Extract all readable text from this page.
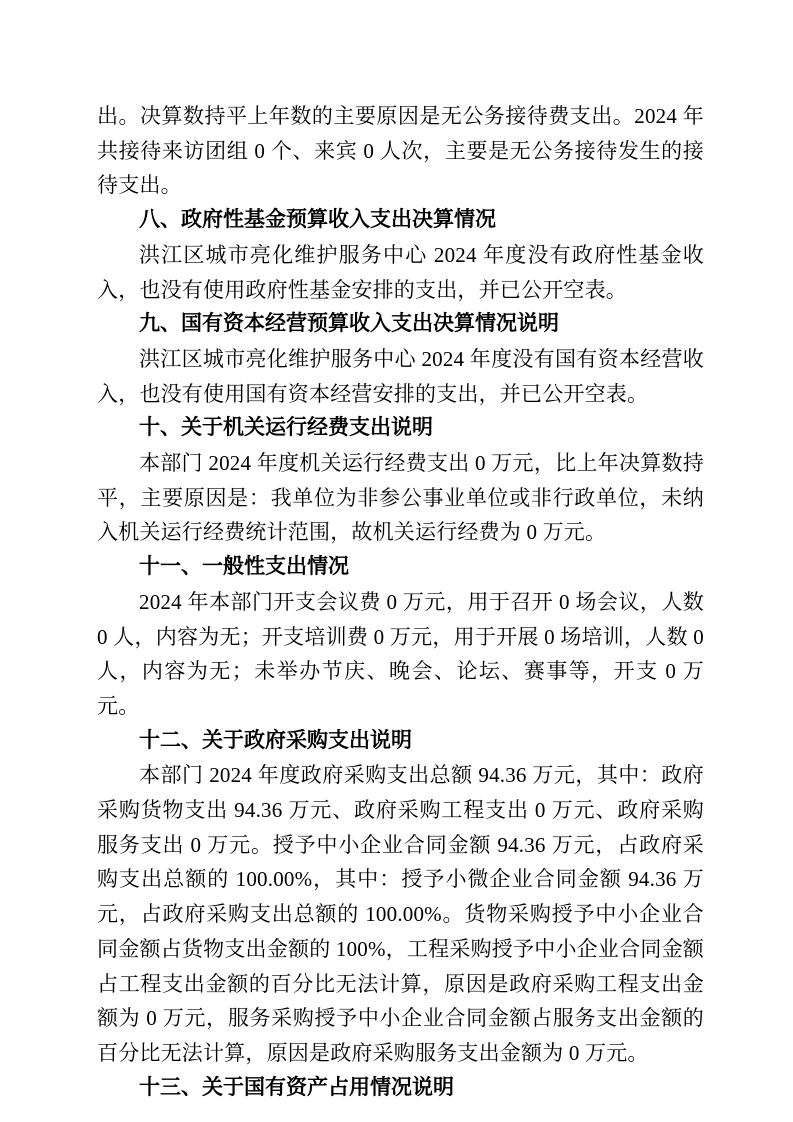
出。决算数持平上年数的主要原因是无公务接待费支出。2024 年共接待来访团组 0 个、来宾 0 人次，主要是无公务接待发生的接待支出。

八、政府性基金预算收入支出决算情况

洪江区城市亮化维护服务中心 2024 年度没有政府性基金收入，也没有使用政府性基金安排的支出，并已公开空表。

九、国有资本经营预算收入支出决算情况说明

洪江区城市亮化维护服务中心 2024 年度没有国有资本经营收入，也没有使用国有资本经营安排的支出，并已公开空表。

十、关于机关运行经费支出说明

本部门 2024 年度机关运行经费支出 0 万元，比上年决算数持平，主要原因是：我单位为非参公事业单位或非行政单位，未纳入机关运行经费统计范围，故机关运行经费为 0 万元。

十一、一般性支出情况

2024 年本部门开支会议费 0 万元，用于召开 0 场会议，人数 0 人，内容为无；开支培训费 0 万元，用于开展 0 场培训，人数 0 人，内容为无；未举办节庆、晚会、论坛、赛事等，开支 0 万元。

十二、关于政府采购支出说明

本部门 2024 年度政府采购支出总额 94.36 万元，其中：政府采购货物支出 94.36 万元、政府采购工程支出 0 万元、政府采购服务支出 0 万元。授予中小企业合同金额 94.36 万元，占政府采购支出总额的 100.00%，其中：授予小微企业合同金额 94.36 万元，占政府采购支出总额的 100.00%。货物采购授予中小企业合同金额占货物支出金额的 100%，工程采购授予中小企业合同金额占工程支出金额的百分比无法计算，原因是政府采购工程支出金额为 0 万元，服务采购授予中小企业合同金额占服务支出金额的百分比无法计算，原因是政府采购服务支出金额为 0 万元。

十三、关于国有资产占用情况说明
